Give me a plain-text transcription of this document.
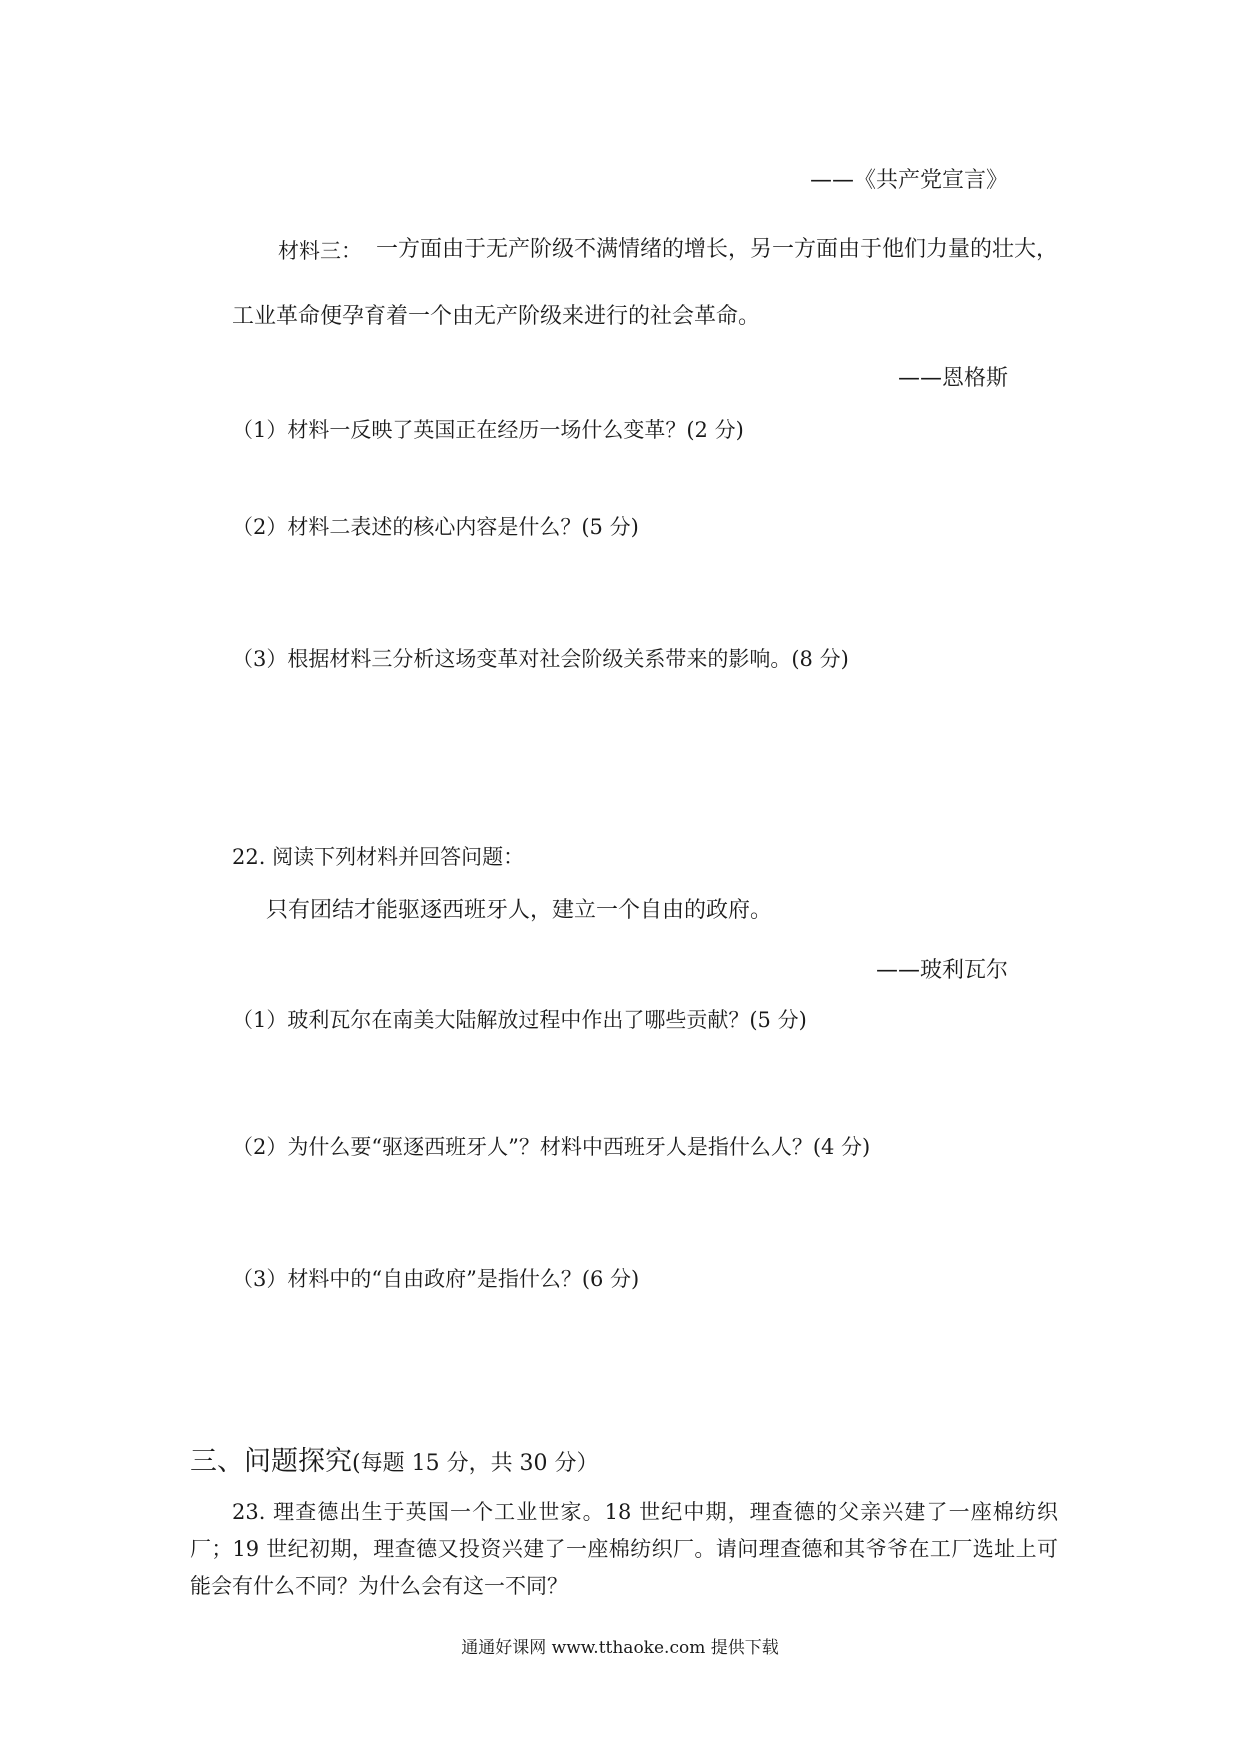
——《共产党宣言》
材料三： 一方面由于无产阶级不满情绪的增长，另一方面由于他们力量的壮大，
工业革命便孕育着一个由无产阶级来进行的社会革命。
——恩格斯
（1）材料一反映了英国正在经历一场什么变革？(2 分)
（2）材料二表述的核心内容是什么？(5 分)
（3）根据材料三分析这场变革对社会阶级关系带来的影响。(8 分)
22. 阅读下列材料并回答问题：
只有团结才能驱逐西班牙人，建立一个自由的政府。
——玻利瓦尔
（1）玻利瓦尔在南美大陆解放过程中作出了哪些贡献？(5 分)
（2）为什么要“驱逐西班牙人”？材料中西班牙人是指什么人？(4 分)
（3）材料中的“自由政府”是指什么？(6 分)
三、问题探究(每题 15 分，共 30 分）
23. 理查德出生于英国一个工业世家。18 世纪中期，理查德的父亲兴建了一座棉纺织厂；19 世纪初期，理查德又投资兴建了一座棉纺织厂。请问理查德和其爷爷在工厂选址上可能会有什么不同？为什么会有这一不同？
通通好课网 www.tthaoke.com 提供下载
